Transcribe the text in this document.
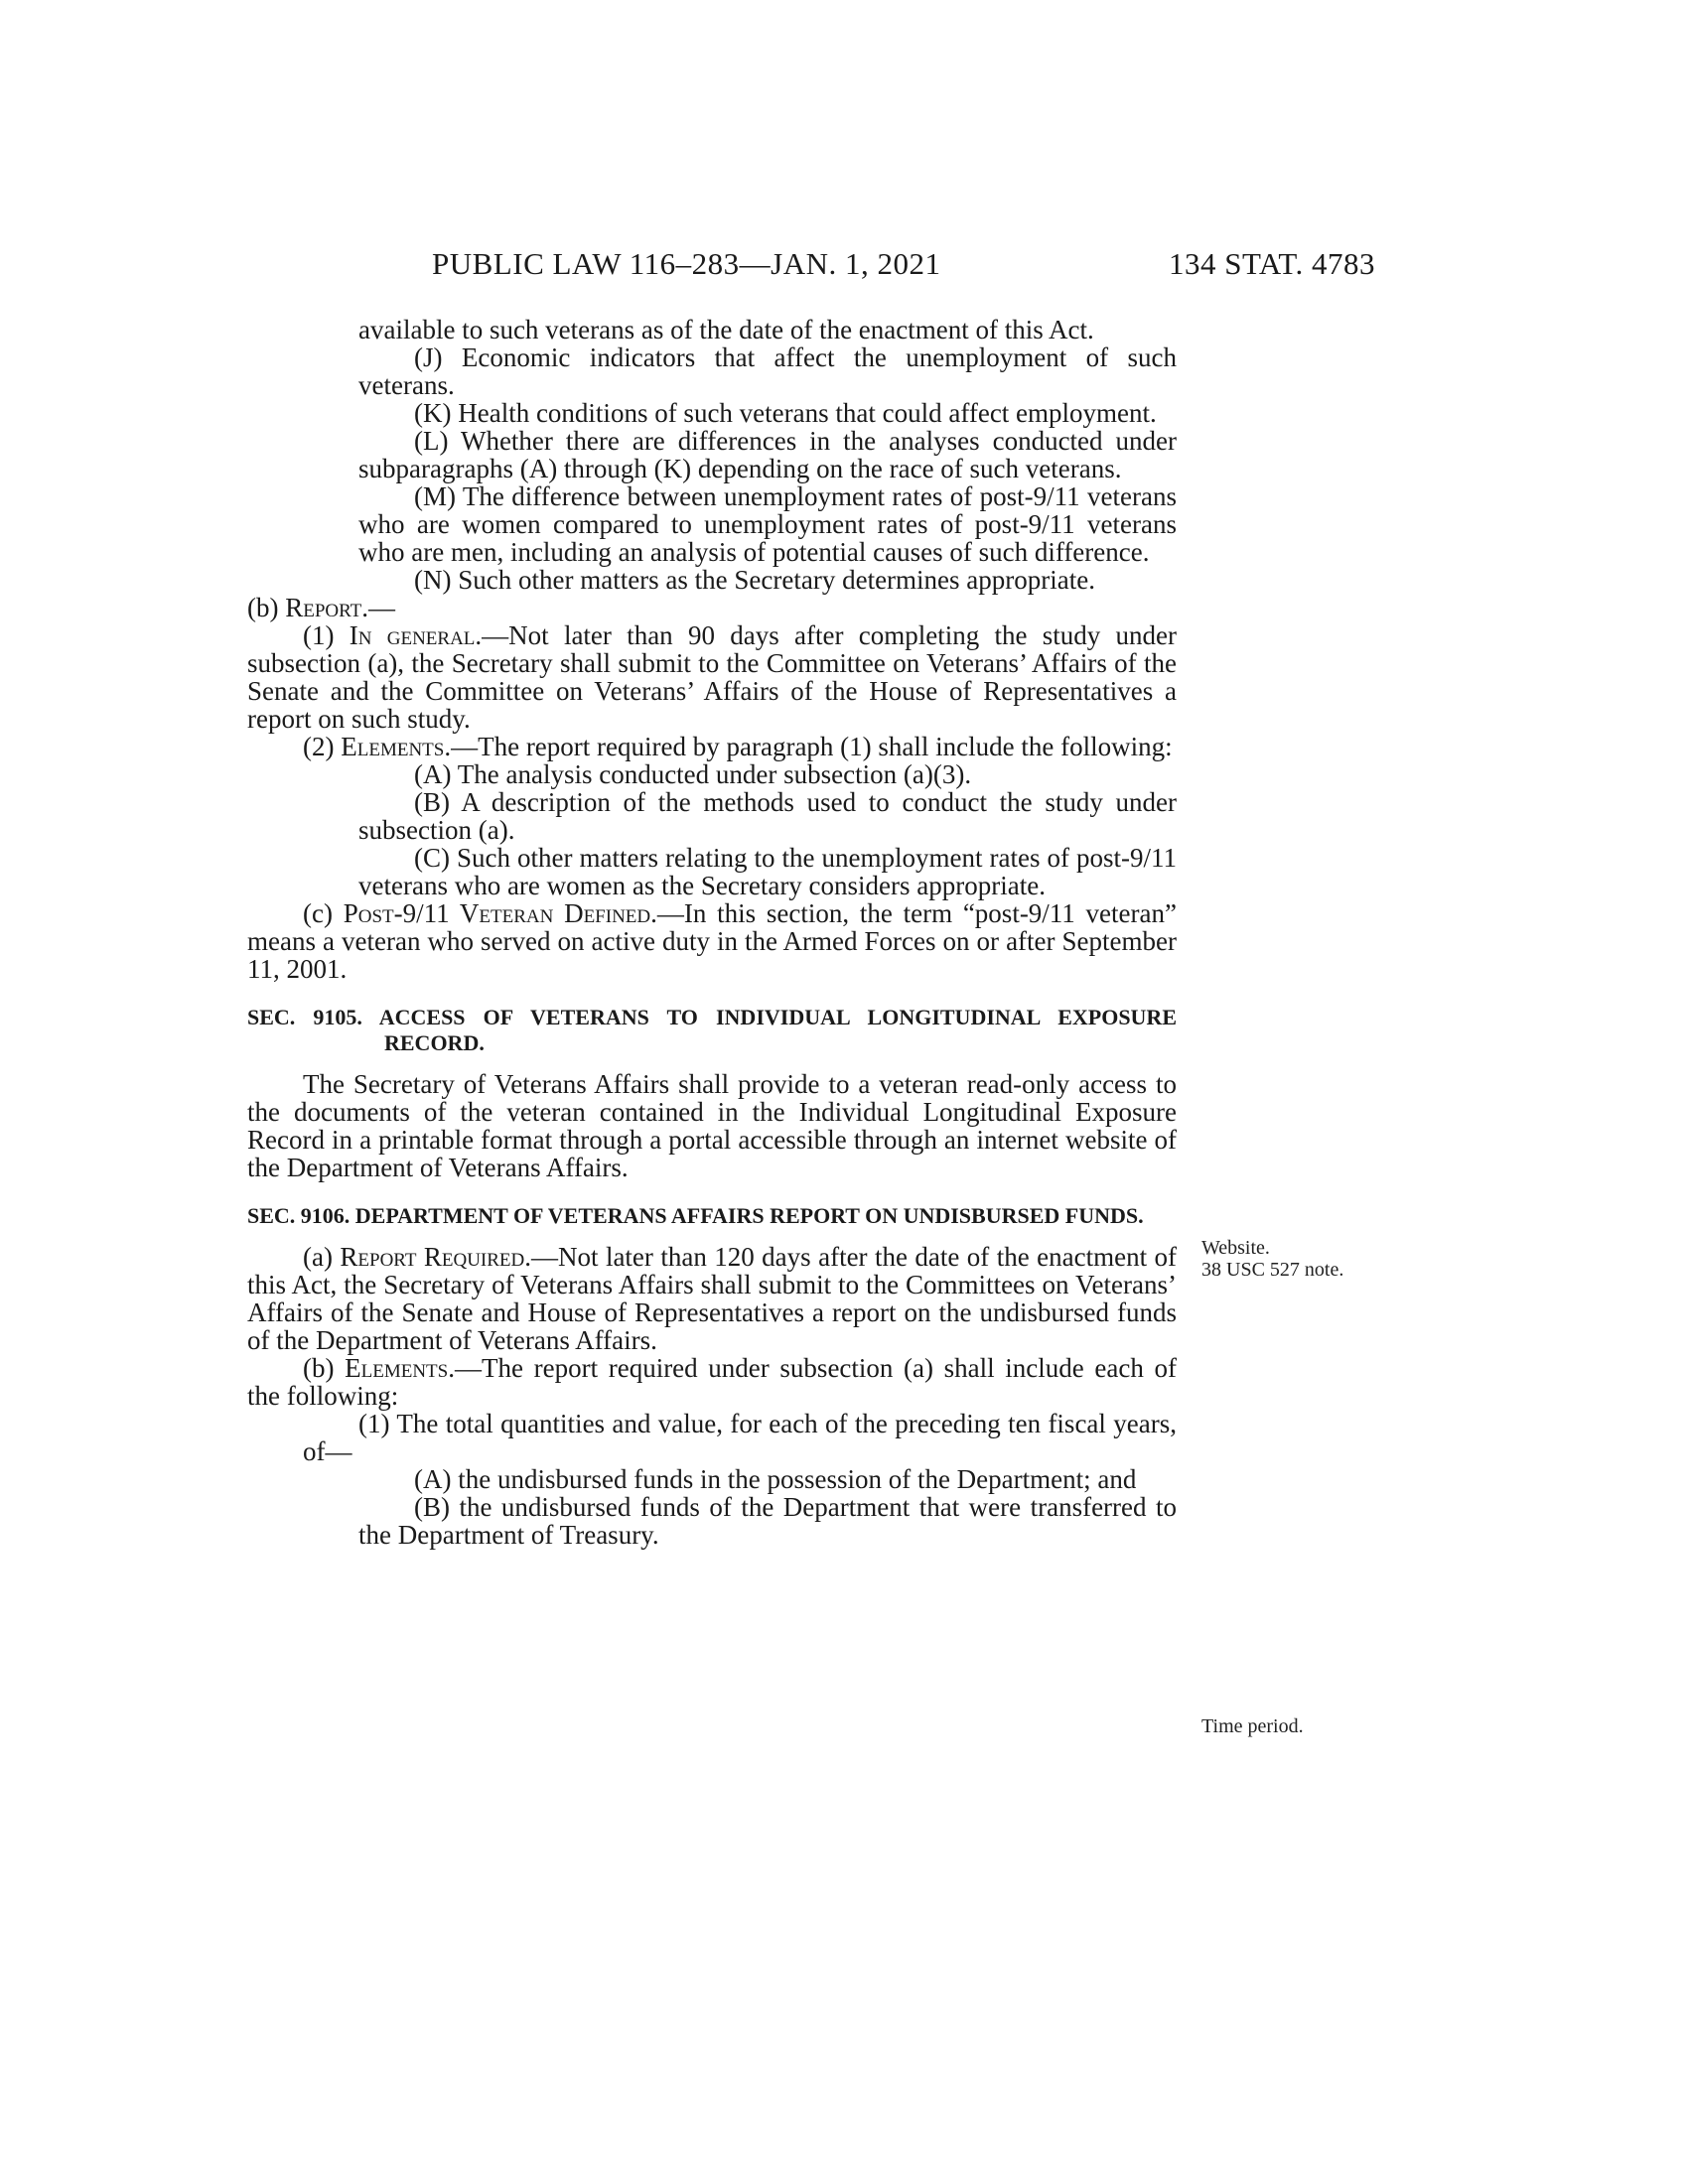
PUBLIC LAW 116–283—JAN. 1, 2021	134 STAT. 4783

available to such veterans as of the date of the enactment of this Act.

(J) Economic indicators that affect the unemployment of such veterans.

(K) Health conditions of such veterans that could affect employment.

(L) Whether there are differences in the analyses conducted under subparagraphs (A) through (K) depending on the race of such veterans.

(M) The difference between unemployment rates of post-9/11 veterans who are women compared to unemployment rates of post-9/11 veterans who are men, including an analysis of potential causes of such difference.

(N) Such other matters as the Secretary determines appropriate.

(b) Report.—

(1) In general.—Not later than 90 days after completing the study under subsection (a), the Secretary shall submit to the Committee on Veterans’ Affairs of the Senate and the Committee on Veterans’ Affairs of the House of Representatives a report on such study.

(2) Elements.—The report required by paragraph (1) shall include the following:

(A) The analysis conducted under subsection (a)(3).

(B) A description of the methods used to conduct the study under subsection (a).

(C) Such other matters relating to the unemployment rates of post-9/11 veterans who are women as the Secretary considers appropriate.

(c) Post-9/11 Veteran Defined.—In this section, the term “post-9/11 veteran” means a veteran who served on active duty in the Armed Forces on or after September 11, 2001.

SEC. 9105. ACCESS OF VETERANS TO INDIVIDUAL LONGITUDINAL EXPOSURE RECORD.

The Secretary of Veterans Affairs shall provide to a veteran read-only access to the documents of the veteran contained in the Individual Longitudinal Exposure Record in a printable format through a portal accessible through an internet website of the Department of Veterans Affairs.

SEC. 9106. DEPARTMENT OF VETERANS AFFAIRS REPORT ON UNDISBURSED FUNDS.

(a) Report Required.—Not later than 120 days after the date of the enactment of this Act, the Secretary of Veterans Affairs shall submit to the Committees on Veterans’ Affairs of the Senate and House of Representatives a report on the undisbursed funds of the Department of Veterans Affairs.

(b) Elements.—The report required under subsection (a) shall include each of the following:

(1) The total quantities and value, for each of the preceding ten fiscal years, of—

(A) the undisbursed funds in the possession of the Department; and

(B) the undisbursed funds of the Department that were transferred to the Department of Treasury.

Website.
38 USC 527 note.
Time period.
